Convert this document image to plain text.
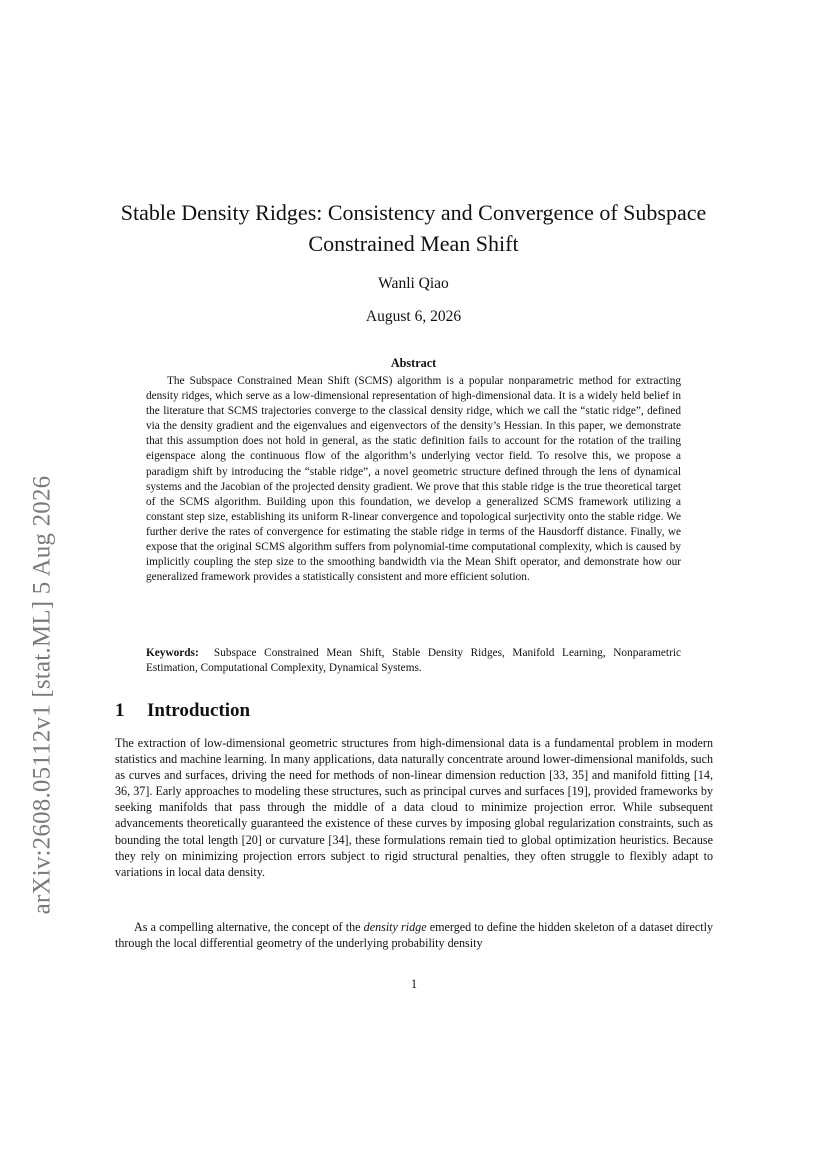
arXiv:2608.05112v1 [stat.ML] 5 Aug 2026
Stable Density Ridges: Consistency and Convergence of Subspace Constrained Mean Shift
Wanli Qiao
August 6, 2026
Abstract

The Subspace Constrained Mean Shift (SCMS) algorithm is a popular nonparametric method for extracting density ridges, which serve as a low-dimensional representation of high-dimensional data. It is a widely held belief in the literature that SCMS trajectories converge to the classical density ridge, which we call the “static ridge”, defined via the density gradient and the eigenvalues and eigenvectors of the density’s Hessian. In this paper, we demonstrate that this assumption does not hold in general, as the static definition fails to account for the rotation of the trailing eigenspace along the continuous flow of the algorithm’s underlying vector field. To resolve this, we propose a paradigm shift by introducing the “stable ridge”, a novel geometric structure defined through the lens of dynamical systems and the Jacobian of the projected density gradient. We prove that this stable ridge is the true theoretical target of the SCMS algorithm. Building upon this foundation, we develop a generalized SCMS framework utilizing a constant step size, establishing its uniform R-linear convergence and topological surjectivity onto the stable ridge. We further derive the rates of convergence for estimating the stable ridge in terms of the Hausdorff distance. Finally, we expose that the original SCMS algorithm suffers from polynomial-time computational complexity, which is caused by implicitly coupling the step size to the smoothing bandwidth via the Mean Shift operator, and demonstrate how our generalized framework provides a statistically consistent and more efficient solution.

Keywords: Subspace Constrained Mean Shift, Stable Density Ridges, Manifold Learning, Nonparametric Estimation, Computational Complexity, Dynamical Systems.

1 Introduction

The extraction of low-dimensional geometric structures from high-dimensional data is a fundamental problem in modern statistics and machine learning. In many applications, data naturally concentrate around lower-dimensional manifolds, such as curves and surfaces, driving the need for methods of non-linear dimension reduction [33, 35] and manifold fitting [14, 36, 37]. Early approaches to modeling these structures, such as principal curves and surfaces [19], provided frameworks by seeking manifolds that pass through the middle of a data cloud to minimize projection error. While subsequent advancements theoretically guaranteed the existence of these curves by imposing global regularization constraints, such as bounding the total length [20] or curvature [34], these formulations remain tied to global optimization heuristics. Because they rely on minimizing projection errors subject to rigid structural penalties, they often struggle to flexibly adapt to variations in local data density.

As a compelling alternative, the concept of the density ridge emerged to define the hidden skeleton of a dataset directly through the local differential geometry of the underlying probability density

1
